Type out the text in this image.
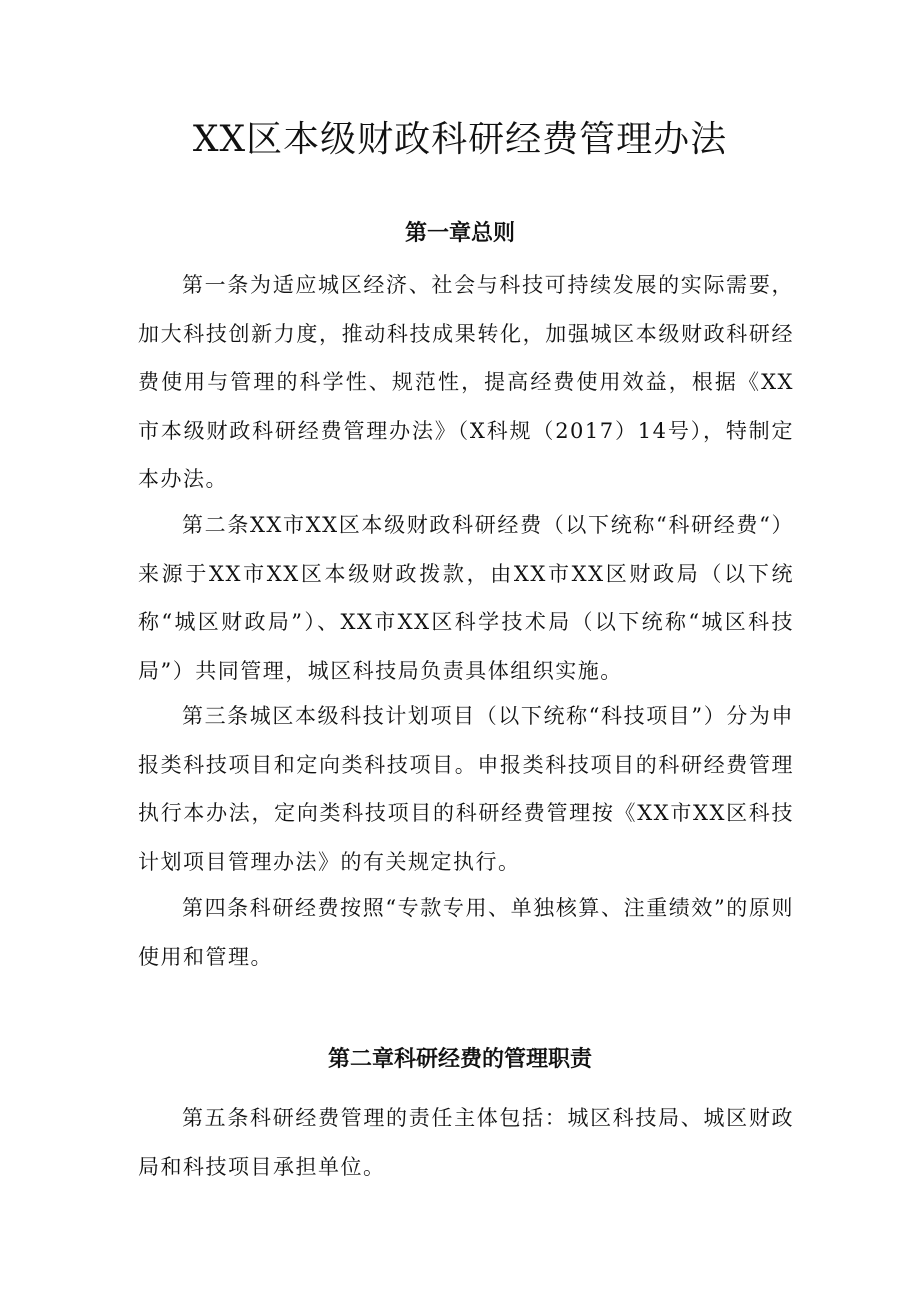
XX区本级财政科研经费管理办法
第一章总则

第一条为适应城区经济、社会与科技可持续发展的实际需要，加大科技创新力度，推动科技成果转化，加强城区本级财政科研经费使用与管理的科学性、规范性，提高经费使用效益，根据《XX市本级财政科研经费管理办法》（X科规（2017）14号），特制定本办法。

第二条XX市XX区本级财政科研经费（以下统称“科研经费“）来源于XX市XX区本级财政拨款，由XX市XX区财政局（以下统称“城区财政局”）、XX市XX区科学技术局（以下统称“城区科技局”）共同管理，城区科技局负责具体组织实施。

第三条城区本级科技计划项目（以下统称“科技项目”）分为申报类科技项目和定向类科技项目。申报类科技项目的科研经费管理执行本办法，定向类科技项目的科研经费管理按《XX市XX区科技计划项目管理办法》的有关规定执行。

第四条科研经费按照“专款专用、单独核算、注重绩效”的原则使用和管理。

第二章科研经费的管理职责

第五条科研经费管理的责任主体包括：城区科技局、城区财政局和科技项目承担单位。
